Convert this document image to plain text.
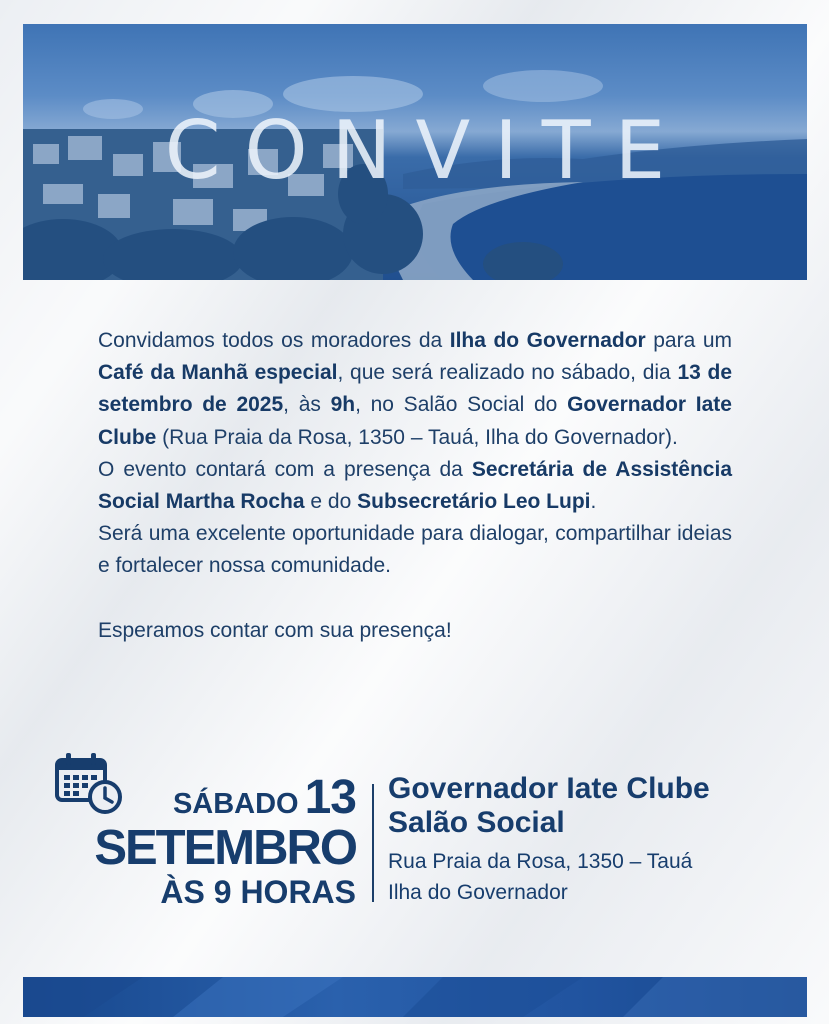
CONVITE

Convidamos todos os moradores da Ilha do Governador para um Café da Manhã especial, que será realizado no sábado, dia 13 de setembro de 2025, às 9h, no Salão Social do Governador Iate Clube (Rua Praia da Rosa, 1350 – Tauá, Ilha do Governador).

O evento contará com a presença da Secretária de Assistência Social Martha Rocha e do Subsecretário Leo Lupi.

Será uma excelente oportunidade para dialogar, compartilhar ideias e fortalecer nossa comunidade.

Esperamos contar com sua presença!

SÁBADO 13
SETEMBRO
ÀS 9 HORAS
Governador Iate Clube
Salão Social
Rua Praia da Rosa, 1350 – Tauá
Ilha do Governador
